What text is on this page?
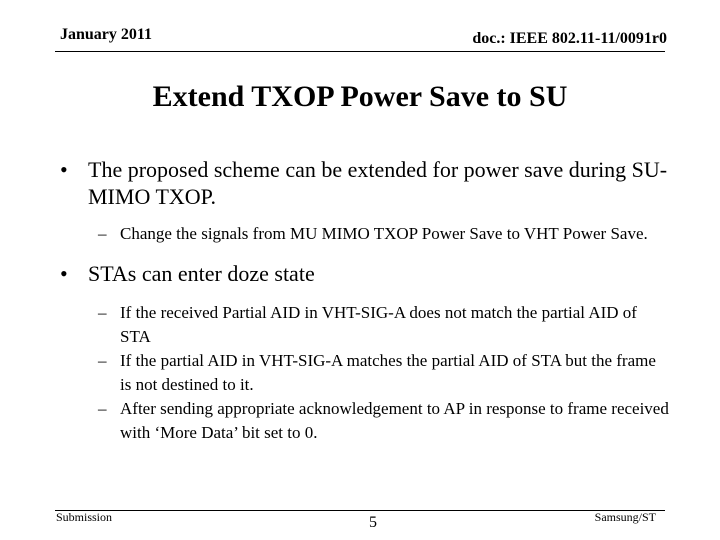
January 2011	doc.: IEEE 802.11-11/0091r0
Extend TXOP Power Save to SU
• The proposed scheme can be extended for power save during SU-MIMO TXOP.
– Change the signals from MU MIMO TXOP Power Save to VHT Power Save.
• STAs can enter doze state
– If the received Partial AID in VHT-SIG-A does not match the partial AID of STA
– If the partial AID in VHT-SIG-A matches the partial AID of STA but the frame is not destined to it.
– After sending appropriate acknowledgement to AP in response to frame received with ‘More Data’ bit set to 0.
Submission	5	Samsung/ST
